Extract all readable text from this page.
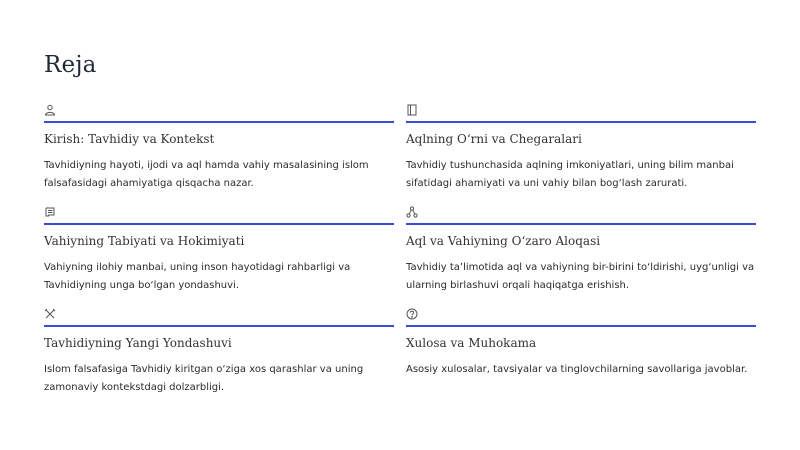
Reja
Kirish: Tavhidiy va Kontekst

Tavhidiyning hayoti, ijodi va aql hamda vahiy masalasining islom falsafasidagi ahamiyatiga qisqacha nazar.

Aqlning O‘rni va Chegaralari

Tavhidiy tushunchasida aqlning imkoniyatlari, uning bilim manbai sifatidagi ahamiyati va uni vahiy bilan bog‘lash zarurati.

Vahiyning Tabiyati va Hokimiyati

Vahiyning ilohiy manbai, uning inson hayotidagi rahbarligi va Tavhidiyning unga bo‘lgan yondashuvi.

Aql va Vahiyning O‘zaro Aloqasi

Tavhidiy ta’limotida aql va vahiyning bir-birini to‘ldirishi, uyg‘unligi va ularning birlashuvi orqali haqiqatga erishish.

Tavhidiyning Yangi Yondashuvi

Islom falsafasiga Tavhidiy kiritgan o‘ziga xos qarashlar va uning zamonaviy kontekstdagi dolzarbligi.

Xulosa va Muhokama

Asosiy xulosalar, tavsiyalar va tinglovchilarning savollariga javoblar.
